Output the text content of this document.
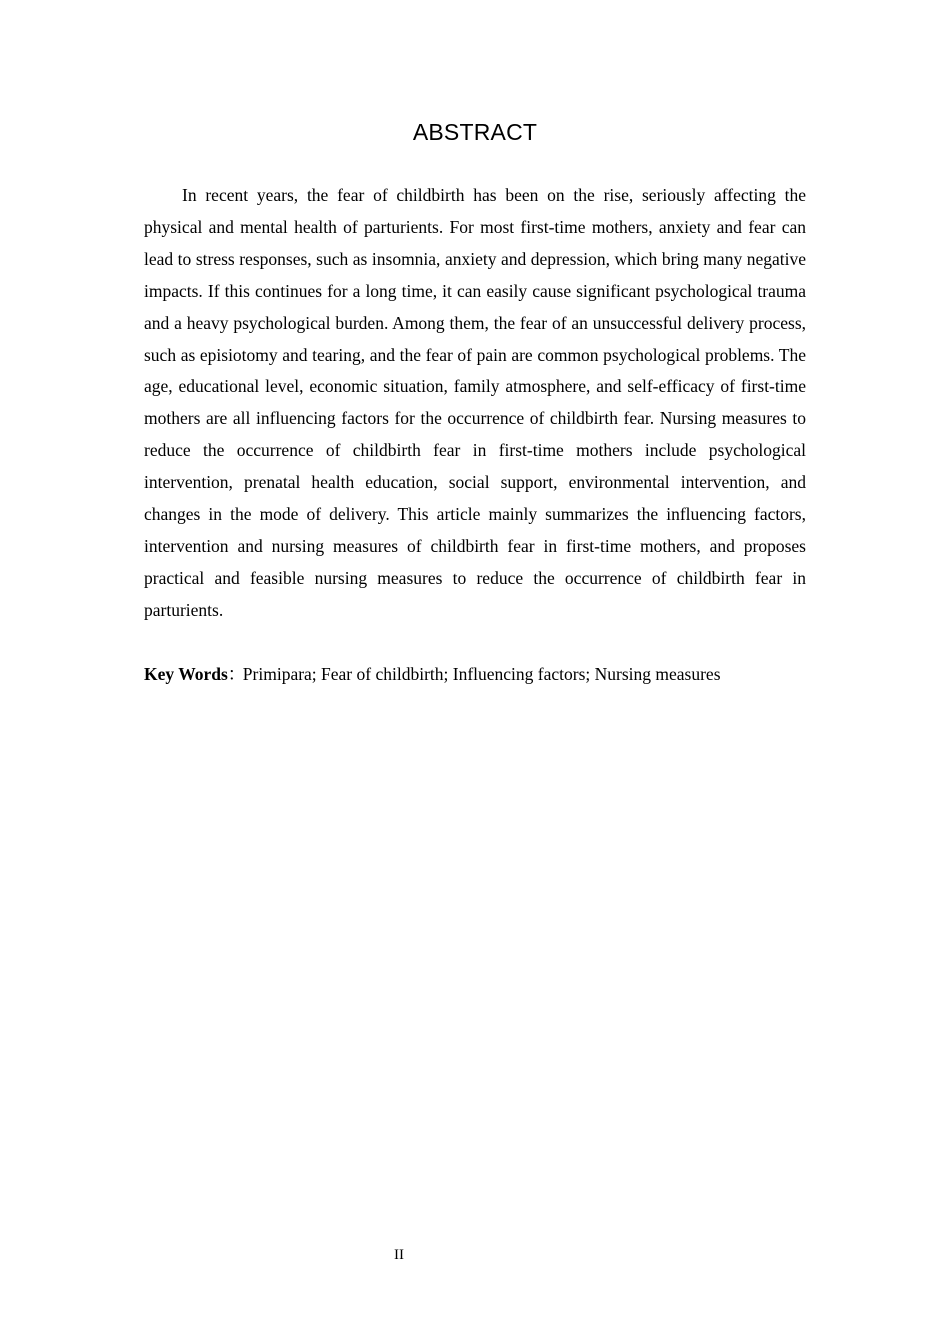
ABSTRACT

In recent years, the fear of childbirth has been on the rise, seriously affecting the physical and mental health of parturients. For most first-time mothers, anxiety and fear can lead to stress responses, such as insomnia, anxiety and depression, which bring many negative impacts. If this continues for a long time, it can easily cause significant psychological trauma and a heavy psychological burden. Among them, the fear of an unsuccessful delivery process, such as episiotomy and tearing, and the fear of pain are common psychological problems. The age, educational level, economic situation, family atmosphere, and self-efficacy of first-time mothers are all influencing factors for the occurrence of childbirth fear. Nursing measures to reduce the occurrence of childbirth fear in first-time mothers include psychological intervention, prenatal health education, social support, environmental intervention, and changes in the mode of delivery. This article mainly summarizes the influencing factors, intervention and nursing measures of childbirth fear in first-time mothers, and proposes practical and feasible nursing measures to reduce the occurrence of childbirth fear in parturients.

Key Words：Primipara; Fear of childbirth; Influencing factors; Nursing measures

II
